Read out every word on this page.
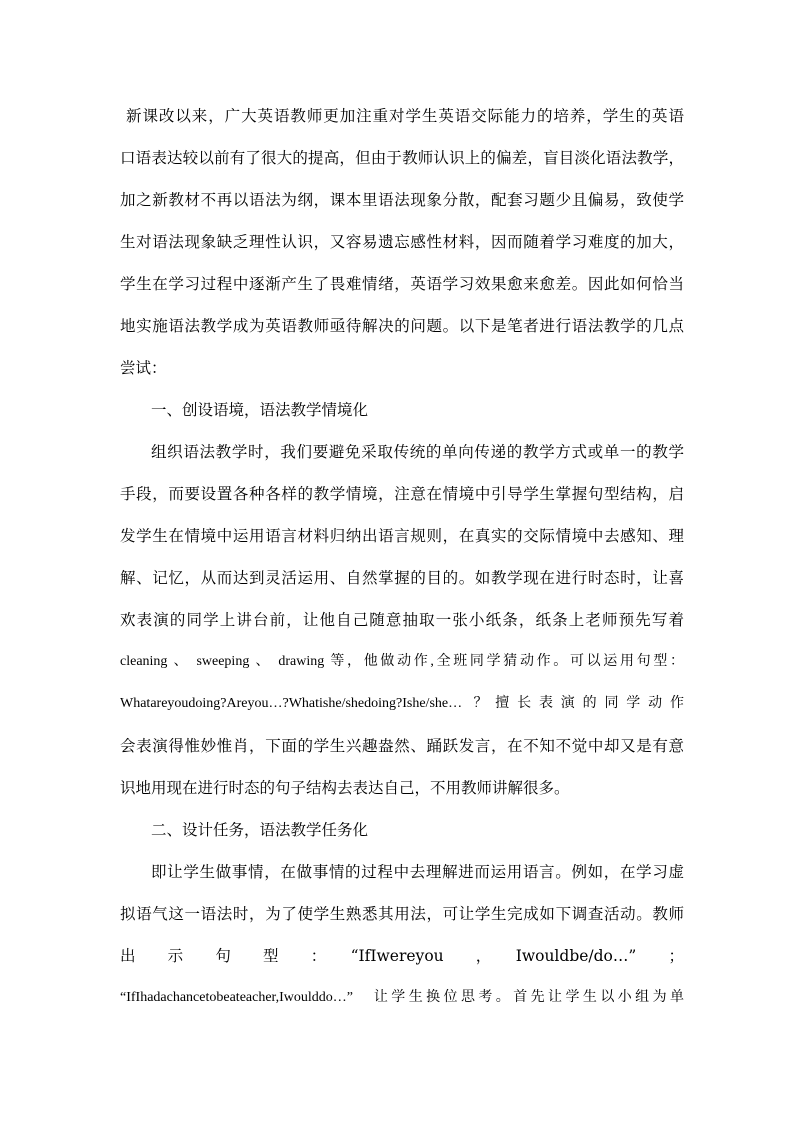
新课改以来，广大英语教师更加注重对学生英语交际能力的培养，学生的英语
口语表达较以前有了很大的提高，但由于教师认识上的偏差，盲目淡化语法教学，
加之新教材不再以语法为纲，课本里语法现象分散，配套习题少且偏易，致使学
生对语法现象缺乏理性认识，又容易遗忘感性材料，因而随着学习难度的加大，
学生在学习过程中逐渐产生了畏难情绪，英语学习效果愈来愈差。因此如何恰当
地实施语法教学成为英语教师亟待解决的问题。以下是笔者进行语法教学的几点
尝试：
一、创设语境，语法教学情境化
组织语法教学时，我们要避免采取传统的单向传递的教学方式或单一的教学
手段，而要设置各种各样的教学情境，注意在情境中引导学生掌握句型结构，启
发学生在情境中运用语言材料归纳出语言规则，在真实的交际情境中去感知、理
解、记忆，从而达到灵活运用、自然掌握的目的。如教学现在进行时态时，让喜
欢表演的同学上讲台前，让他自己随意抽取一张小纸条，纸条上老师预先写着
cleaning 、 sweeping 、 drawing 等，他做动作,全班同学猜动作。可以运用句型：
Whatareyoudoing?Areyou…?Whatishe/shedoing?Ishe/she… ？擅长表演的同学动作
会表演得惟妙惟肖，下面的学生兴趣盎然、踊跃发言，在不知不觉中却又是有意
识地用现在进行时态的句子结构去表达自己，不用教师讲解很多。
二、设计任务，语法教学任务化
即让学生做事情，在做事情的过程中去理解进而运用语言。例如，在学习虚
拟语气这一语法时，为了使学生熟悉其用法，可让学生完成如下调查活动。教师
出　示　句　型　：　“IfIwereyou　，　Iwouldbe/do…”　；
“IfIhadachancetobeateacher,Iwoulddo…”　让学生换位思考。首先让学生以小组为单
